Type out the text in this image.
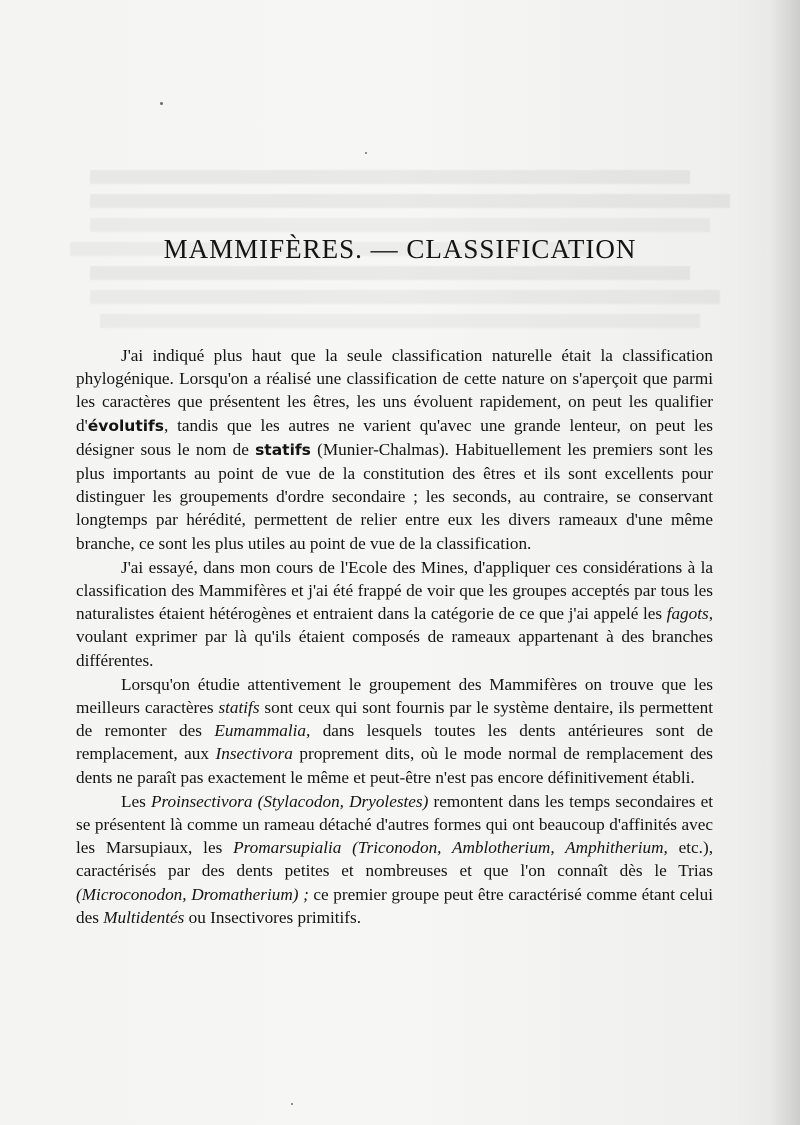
MAMMIFÈRES. — CLASSIFICATION

J'ai indiqué plus haut que la seule classification naturelle était la classification phylogénique. Lorsqu'on a réalisé une classification de cette nature on s'aperçoit que parmi les caractères que présentent les êtres, les uns évoluent rapidement, on peut les qualifier d'évolutifs, tandis que les autres ne varient qu'avec une grande lenteur, on peut les désigner sous le nom de statifs (Munier-Chalmas). Habituellement les premiers sont les plus importants au point de vue de la constitution des êtres et ils sont excellents pour distinguer les groupements d'ordre secondaire ; les seconds, au contraire, se conservant longtemps par hérédité, permettent de relier entre eux les divers rameaux d'une même branche, ce sont les plus utiles au point de vue de la classification.

J'ai essayé, dans mon cours de l'Ecole des Mines, d'appliquer ces considérations à la classification des Mammifères et j'ai été frappé de voir que les groupes acceptés par tous les naturalistes étaient hétérogènes et entraient dans la catégorie de ce que j'ai appelé les fagots, voulant exprimer par là qu'ils étaient composés de rameaux appartenant à des branches différentes.

Lorsqu'on étudie attentivement le groupement des Mammifères on trouve que les meilleurs caractères statifs sont ceux qui sont fournis par le système dentaire, ils permettent de remonter des Eumammalia, dans lesquels toutes les dents antérieures sont de remplacement, aux Insectivora proprement dits, où le mode normal de remplacement des dents ne paraît pas exactement le même et peut-être n'est pas encore définitivement établi.

Les Proinsectivora (Stylacodon, Dryolestes) remontent dans les temps secondaires et se présentent là comme un rameau détaché d'autres formes qui ont beaucoup d'affinités avec les Marsupiaux, les Promarsupialia (Triconodon, Amblotherium, Amphitherium, etc.), caractérisés par des dents petites et nombreuses et que l'on connaît dès le Trias (Microconodon, Dromatherium) ; ce premier groupe peut être caractérisé comme étant celui des Multidentés ou Insectivores primitifs.
